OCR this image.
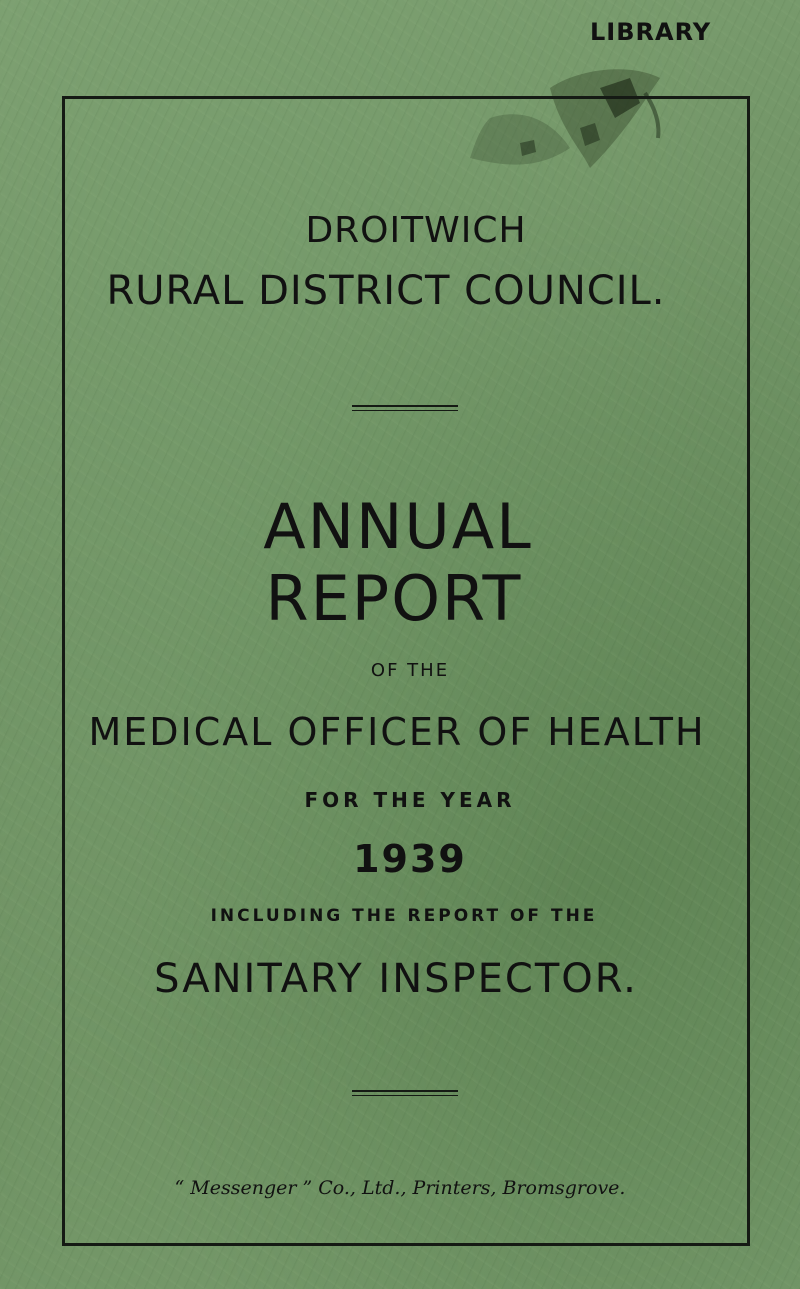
LIBRARY
DROITWICH
RURAL DISTRICT COUNCIL.
ANNUAL
REPORT
OF THE
MEDICAL OFFICER OF HEALTH
FOR THE YEAR
1939
INCLUDING THE REPORT OF THE
SANITARY INSPECTOR.
“ Messenger ” Co., Ltd., Printers, Bromsgrove.
